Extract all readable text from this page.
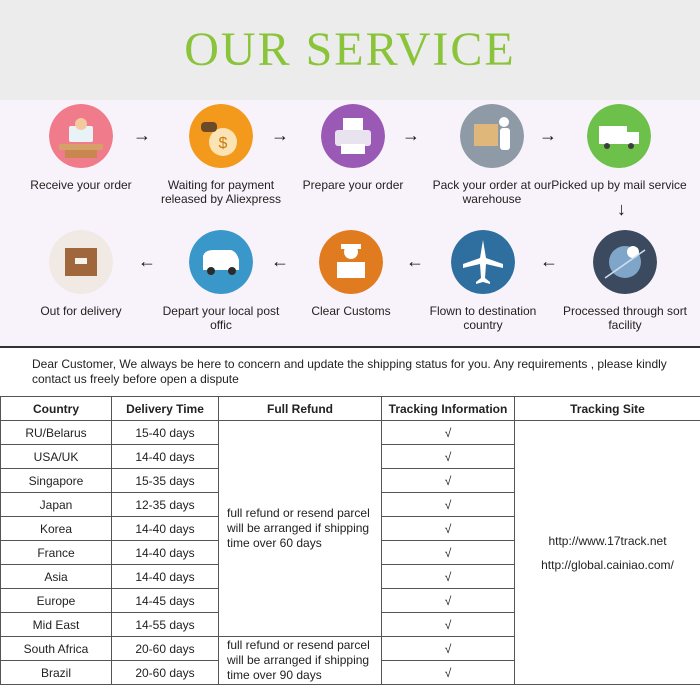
OUR SERVICE
Receive your order
→	$
Waiting for payment released by Aliexpress
→
Prepare your order
→
Pack your order at our warehouse
→
Picked up by mail service
↓
Out for delivery
←
Depart your local post offic
←
Clear Customs
←
Flown to destination country
←
Processed through sort facility

Dear Customer, We always be here to concern and update the shipping status for you. Any requirements , please kindly contact us freely before open a dispute

Country	Delivery Time	Full Refund	Tracking Information	Tracking Site
RU/Belarus	15-40 days	full refund or resend parcel will be arranged if shipping time over 60 days	√	http://www.17track.net
http://global.cainiao.com/

USA/UK	14-40 days		√	
Singapore	15-35 days		√	
Japan	12-35 days		√	
Korea	14-40 days		√	
France	14-40 days		√	
Asia	14-40 days		√	
Europe	14-45 days		√	
Mid East	14-55 days		√	
South Africa	20-60 days	full refund or resend parcel will be arranged if shipping time over 90 days	√	
Brazil	20-60 days		√	
